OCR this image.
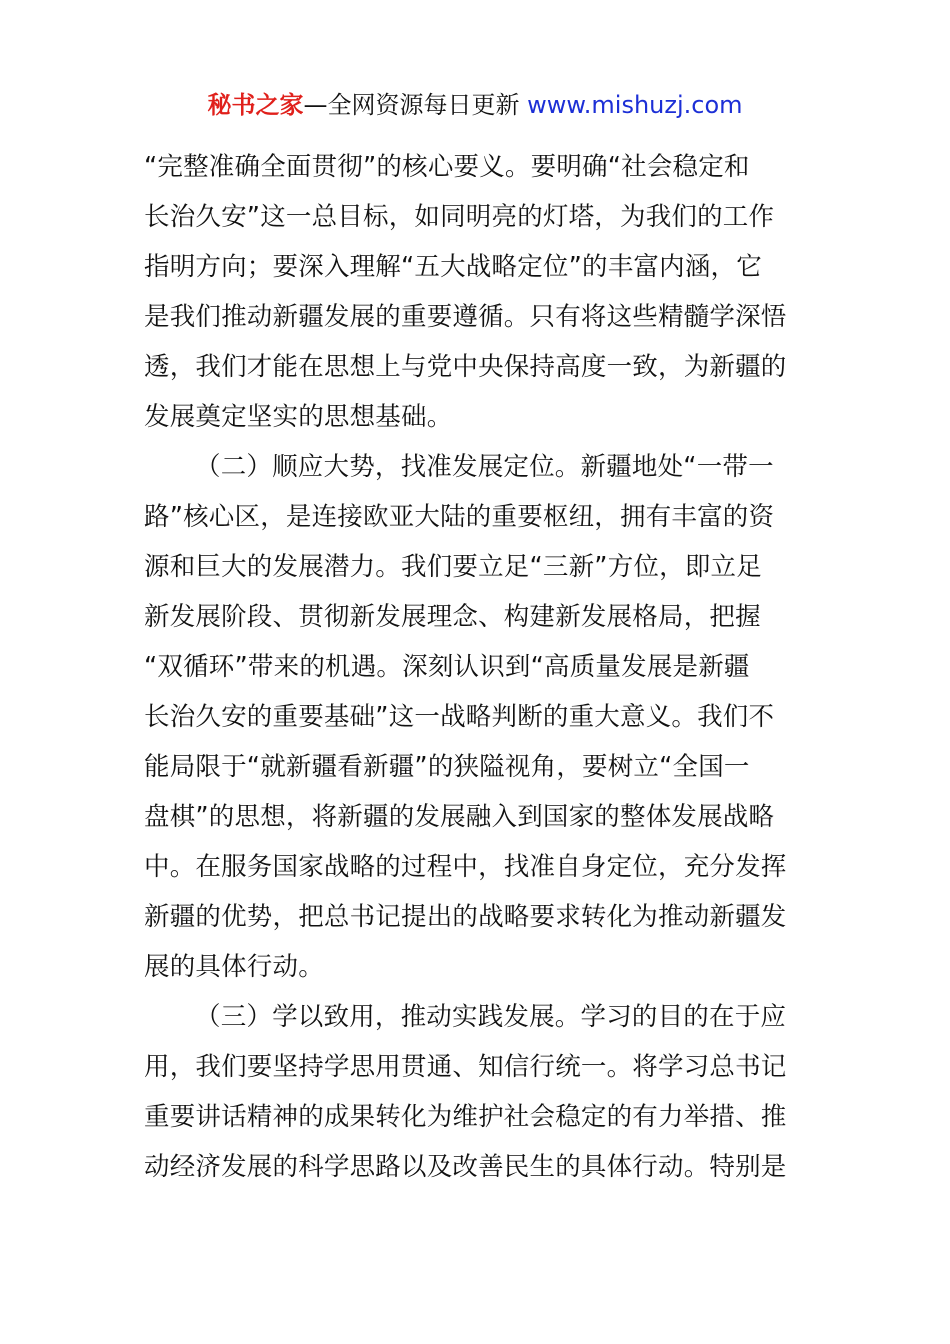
秘书之家—全网资源每日更新 www.mishuzj.com
“完整准确全面贯彻”的核心要义。要明确“社会稳定和
长治久安”这一总目标，如同明亮的灯塔，为我们的工作
指明方向；要深入理解“五大战略定位”的丰富内涵，它
是我们推动新疆发展的重要遵循。只有将这些精髓学深悟
透，我们才能在思想上与党中央保持高度一致，为新疆的
发展奠定坚实的思想基础。
（二）顺应大势，找准发展定位。新疆地处“一带一
路”核心区，是连接欧亚大陆的重要枢纽，拥有丰富的资
源和巨大的发展潜力。我们要立足“三新”方位，即立足
新发展阶段、贯彻新发展理念、构建新发展格局，把握
“双循环”带来的机遇。深刻认识到“高质量发展是新疆
长治久安的重要基础”这一战略判断的重大意义。我们不
能局限于“就新疆看新疆”的狭隘视角，要树立“全国一
盘棋”的思想，将新疆的发展融入到国家的整体发展战略
中。在服务国家战略的过程中，找准自身定位，充分发挥
新疆的优势，把总书记提出的战略要求转化为推动新疆发
展的具体行动。
（三）学以致用，推动实践发展。学习的目的在于应
用，我们要坚持学思用贯通、知信行统一。将学习总书记
重要讲话精神的成果转化为维护社会稳定的有力举措、推
动经济发展的科学思路以及改善民生的具体行动。特别是
